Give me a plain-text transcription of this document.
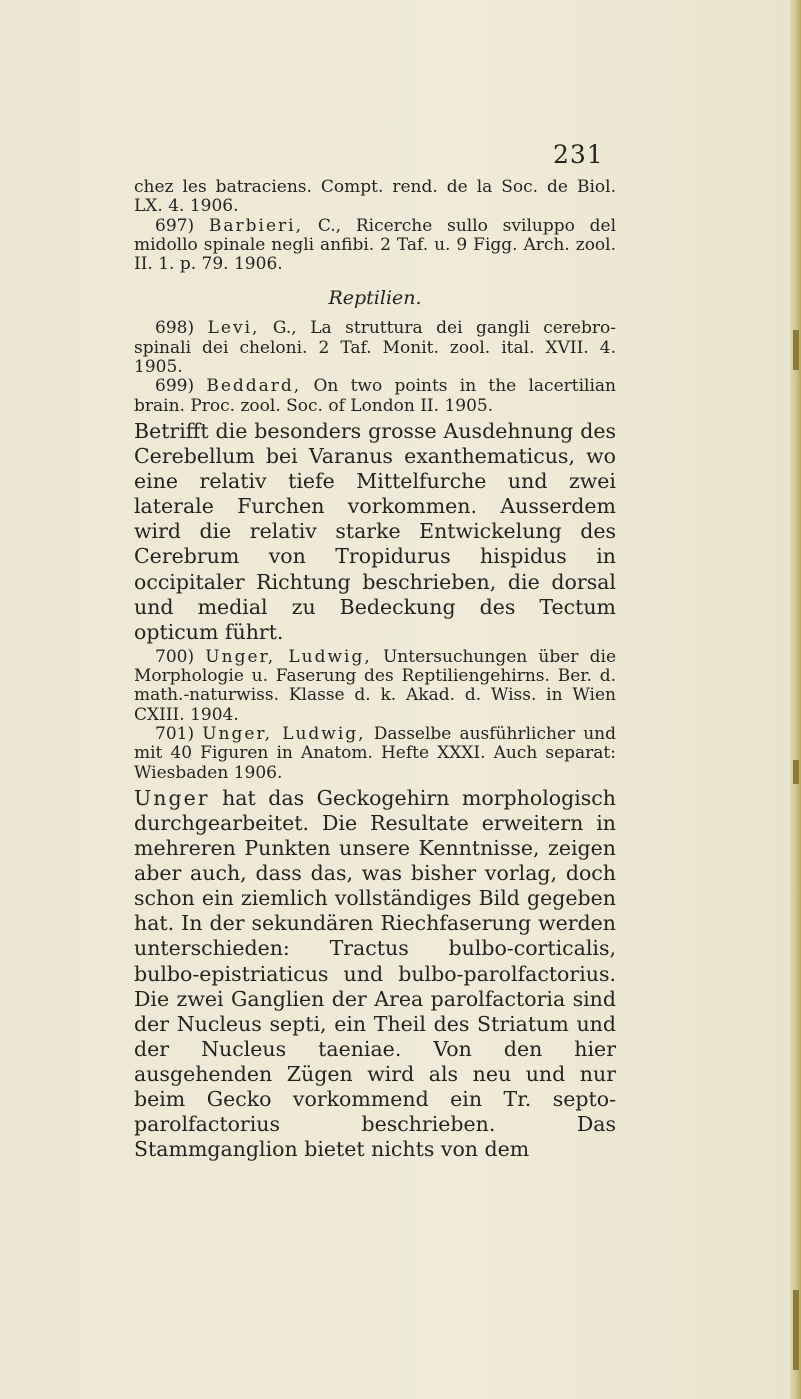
231

chez les batraciens. Compt. rend. de la Soc. de Biol. LX. 4. 1906.

697) Barbieri, C., Ricerche sullo sviluppo del midollo spinale negli anfibi. 2 Taf. u. 9 Figg. Arch. zool. II. 1. p. 79. 1906.

Reptilien.

698) Levi, G., La struttura dei gangli cerebro-spinali dei cheloni. 2 Taf. Monit. zool. ital. XVII. 4. 1905.

699) Beddard, On two points in the lacertilian brain. Proc. zool. Soc. of London II. 1905.

Betrifft die besonders grosse Ausdehnung des Cerebellum bei Varanus exanthematicus, wo eine relativ tiefe Mittelfurche und zwei laterale Furchen vorkommen. Ausserdem wird die relativ starke Entwickelung des Cerebrum von Tropidurus hispidus in occipitaler Richtung beschrieben, die dorsal und medial zu Bedeckung des Tectum opticum führt.

700) Unger, Ludwig, Untersuchungen über die Morphologie u. Faserung des Reptiliengehirns. Ber. d. math.-naturwiss. Klasse d. k. Akad. d. Wiss. in Wien CXIII. 1904.

701) Unger, Ludwig, Dasselbe ausführlicher und mit 40 Figuren in Anatom. Hefte XXXI. Auch separat: Wiesbaden 1906.

Unger hat das Geckogehirn morphologisch durchgearbeitet. Die Resultate erweitern in mehreren Punkten unsere Kenntnisse, zeigen aber auch, dass das, was bisher vorlag, doch schon ein ziemlich vollständiges Bild gegeben hat. In der sekundären Riechfaserung werden unterschieden: Tractus bulbo-corticalis, bulbo-epistriaticus und bulbo-parolfactorius. Die zwei Ganglien der Area parolfactoria sind der Nucleus septi, ein Theil des Striatum und der Nucleus taeniae. Von den hier ausgehenden Zügen wird als neu und nur beim Gecko vorkommend ein Tr. septo-parolfactorius beschrieben. Das Stammganglion bietet nichts von dem
